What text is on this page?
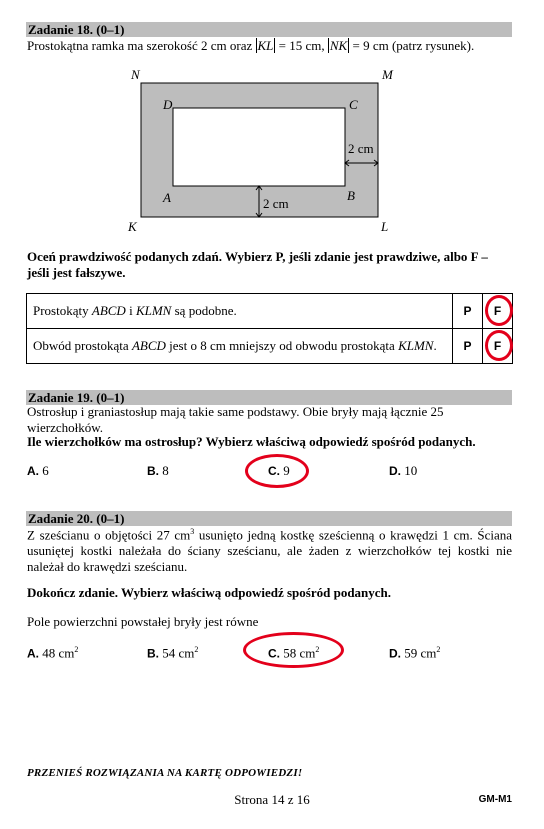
Zadanie 18. (0–1)
Prostokątna ramka ma szerokość 2 cm oraz KL = 15 cm, NK = 9 cm (patrz rysunek).
N	M
K	L
D	C
A	B
2 cm
2 cm
Oceń prawdziwość podanych zdań. Wybierz P, jeśli zdanie jest prawdziwe, albo F – jeśli jest fałszywe.
Prostokąty ABCD i KLMN są podobne.	P	F

Obwód prostokąta ABCD jest o 8 cm mniejszy od obwodu prostokąta KLMN.	P	F
Zadanie 19. (0–1)
Ostrosłup i graniastosłup mają takie same podstawy. Obie bryły mają łącznie 25 wierzchołków.
Ile wierzchołków ma ostrosłup? Wybierz właściwą odpowiedź spośród podanych.
A. 6	B. 8	C. 9	D. 10
Zadanie 20. (0–1)
Z sześcianu o objętości 27 $cm^3$ usunięto jedną kostkę sześcienną o krawędzi 1 cm. Ściana usuniętej kostki należała do ściany sześcianu, ale żaden z wierzchołków tej kostki nie należał do krawędzi sześcianu.
Dokończ zdanie. Wybierz właściwą odpowiedź spośród podanych.
Pole powierzchni powstałej bryły jest równe
A. 48 $cm^2$	B. 54 $cm^2$	C. 58 $cm^2$	D. 59 $cm^2$
PRZENIEŚ ROZWIĄZANIA NA KARTĘ ODPOWIEDZI!
Strona 14 z 16	GM-M1
